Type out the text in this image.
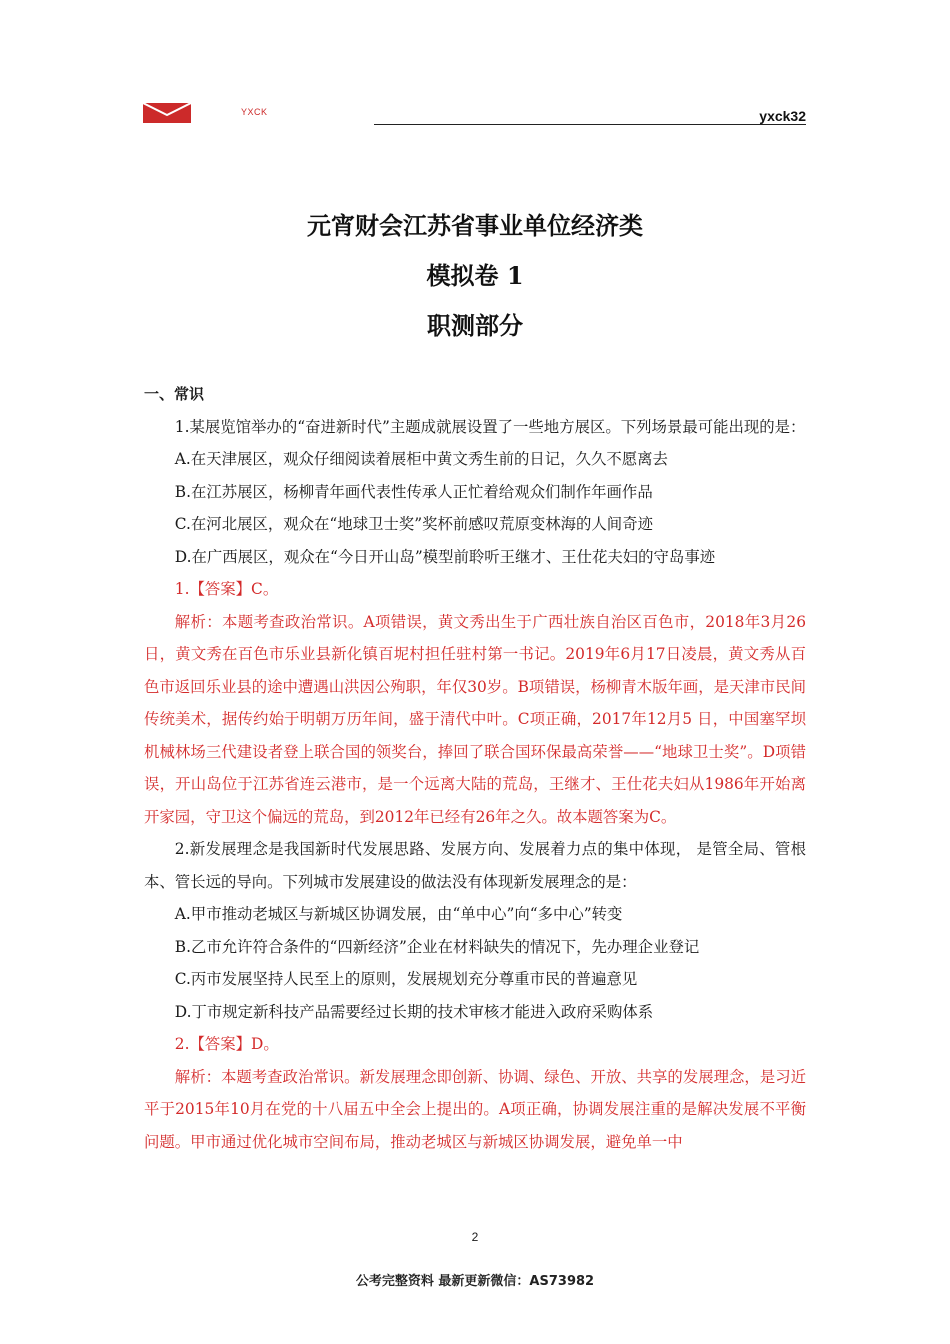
YXCK	yxck32
元宵财会江苏省事业单位经济类
模拟卷 1
职测部分

一、常识

1.某展览馆举办的“奋进新时代”主题成就展设置了一些地方展区。下列场景最可能出现的是：

A.在天津展区，观众仔细阅读着展柜中黄文秀生前的日记，久久不愿离去

B.在江苏展区，杨柳青年画代表性传承人正忙着给观众们制作年画作品

C.在河北展区，观众在“地球卫士奖”奖杯前感叹荒原变林海的人间奇迹

D.在广西展区，观众在“今日开山岛”模型前聆听王继才、王仕花夫妇的守岛事迹

1.【答案】C。

解析：本题考查政治常识。A项错误，黄文秀出生于广西壮族自治区百色市，2018年3月26日，黄文秀在百色市乐业县新化镇百坭村担任驻村第一书记。2019年6月17日凌晨，黄文秀从百色市返回乐业县的途中遭遇山洪因公殉职，年仅30岁。B项错误，杨柳青木版年画，是天津市民间传统美术，据传约始于明朝万历年间，盛于清代中叶。C项正确，2017年12月5 日，中国塞罕坝机械林场三代建设者登上联合国的领奖台，捧回了联合国环保最高荣誉——“地球卫士奖”。D项错误，开山岛位于江苏省连云港市，是一个远离大陆的荒岛，王继才、王仕花夫妇从1986年开始离开家园，守卫这个偏远的荒岛，到2012年已经有26年之久。故本题答案为C。

2.新发展理念是我国新时代发展思路、发展方向、发展着力点的集中体现， 是管全局、管根本、管长远的导向。下列城市发展建设的做法没有体现新发展理念的是：

A.甲市推动老城区与新城区协调发展，由“单中心”向“多中心”转变

B.乙市允许符合条件的“四新经济”企业在材料缺失的情况下，先办理企业登记

C.丙市发展坚持人民至上的原则，发展规划充分尊重市民的普遍意见

D.丁市规定新科技产品需要经过长期的技术审核才能进入政府采购体系

2.【答案】D。

解析：本题考查政治常识。新发展理念即创新、协调、绿色、开放、共享的发展理念，是习近平于2015年10月在党的十八届五中全会上提出的。A项正确，协调发展注重的是解决发展不平衡问题。甲市通过优化城市空间布局，推动老城区与新城区协调发展，避免单一中

2
公考完整资料 最新更新微信：AS73982
